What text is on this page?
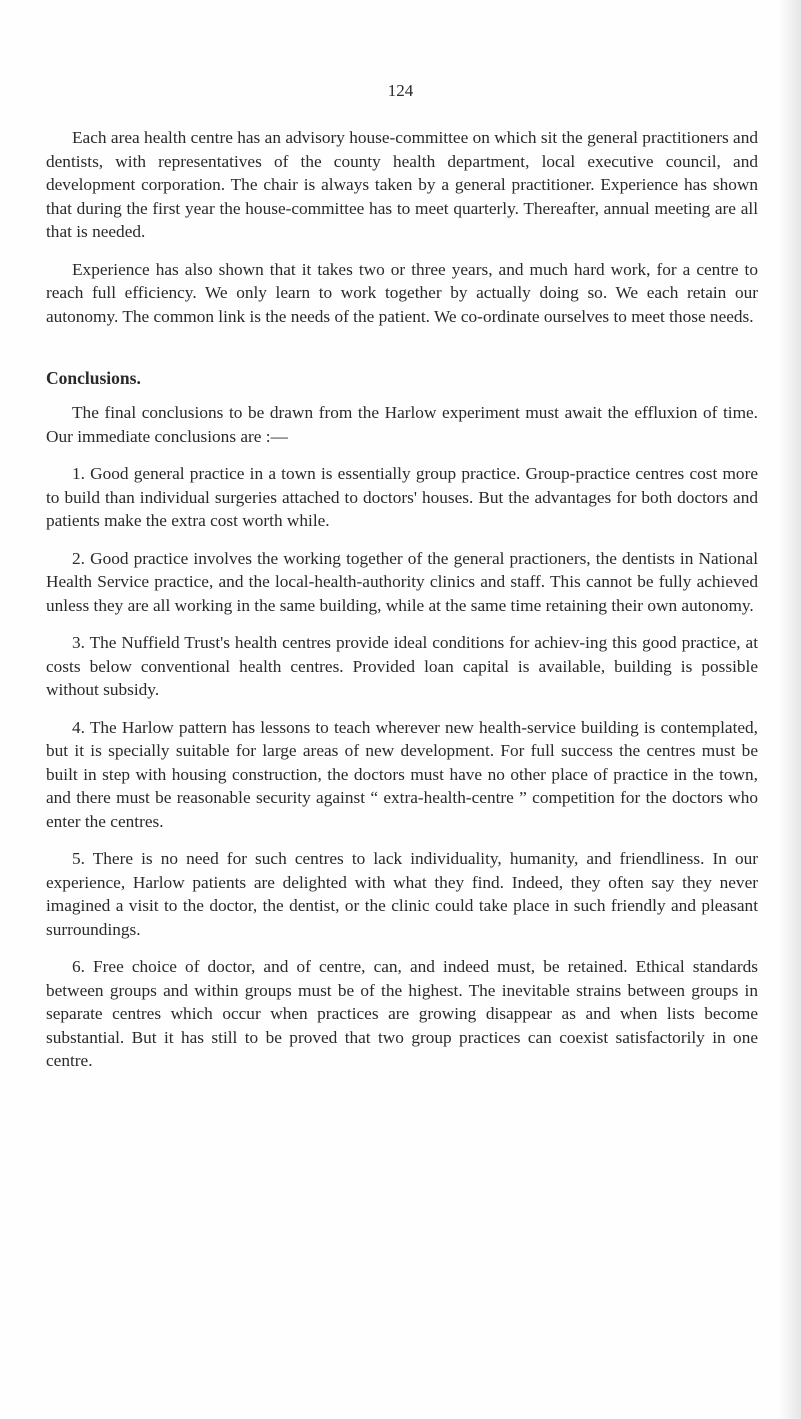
124

Each area health centre has an advisory house-committee on which sit the general practitioners and dentists, with representatives of the county health department, local executive council, and development corporation. The chair is always taken by a general practitioner. Experience has shown that during the first year the house-committee has to meet quarterly. Thereafter, annual meeting are all that is needed.

Experience has also shown that it takes two or three years, and much hard work, for a centre to reach full efficiency. We only learn to work together by actually doing so. We each retain our autonomy. The common link is the needs of the patient. We co-ordinate ourselves to meet those needs.

Conclusions.

The final conclusions to be drawn from the Harlow experiment must await the effluxion of time. Our immediate conclusions are :—

1. Good general practice in a town is essentially group practice. Group-practice centres cost more to build than individual surgeries attached to doctors' houses. But the advantages for both doctors and patients make the extra cost worth while.

2. Good practice involves the working together of the general practioners, the dentists in National Health Service practice, and the local-health-authority clinics and staff. This cannot be fully achieved unless they are all working in the same building, while at the same time retaining their own autonomy.

3. The Nuffield Trust's health centres provide ideal conditions for achiev-ing this good practice, at costs below conventional health centres. Provided loan capital is available, building is possible without subsidy.

4. The Harlow pattern has lessons to teach wherever new health-service building is contemplated, but it is specially suitable for large areas of new development. For full success the centres must be built in step with housing construction, the doctors must have no other place of practice in the town, and there must be reasonable security against “ extra-health-centre ” competition for the doctors who enter the centres.

5. There is no need for such centres to lack individuality, humanity, and friendliness. In our experience, Harlow patients are delighted with what they find. Indeed, they often say they never imagined a visit to the doctor, the dentist, or the clinic could take place in such friendly and pleasant surroundings.

6. Free choice of doctor, and of centre, can, and indeed must, be retained. Ethical standards between groups and within groups must be of the highest. The inevitable strains between groups in separate centres which occur when practices are growing disappear as and when lists become substantial. But it has still to be proved that two group practices can coexist satisfactorily in one centre.
